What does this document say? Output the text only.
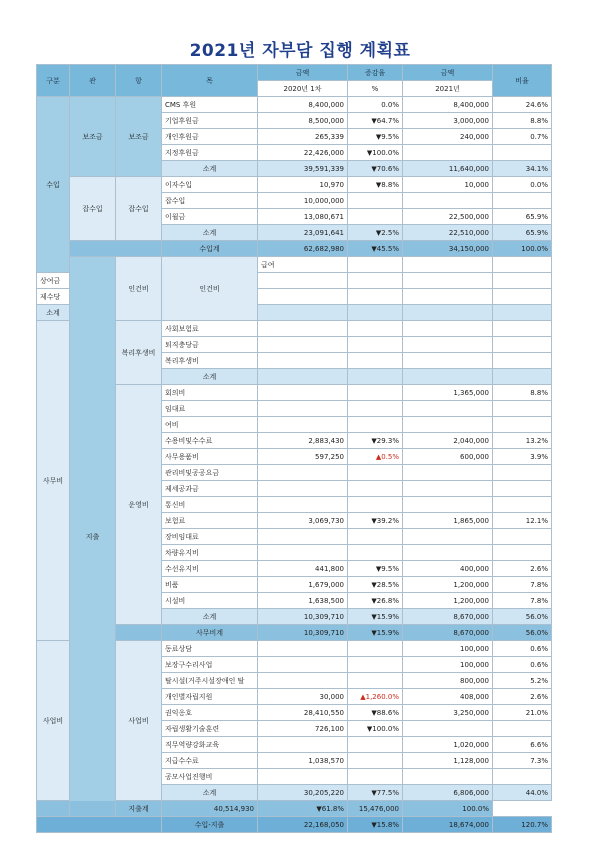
2021년 자부담 집행 계획표
구분	관	항	목	금액	증감율	금액	비율	
				2020년 1차	%	2021년		
수입	보조금	보조금	CMS 후원	8,400,000	0.0%	8,400,000	24.6%	
			기업후원금	8,500,000	▼64.7%	3,000,000	8.8%	
			개인후원금	265,339	▼9.5%	240,000	0.7%	
			지정후원금	22,426,000	▼100.0%			
			소계	39,591,339	▼70.6%	11,640,000	34.1%	
	잡수입	잡수입	이자수입	10,970	▼8.8%	10,000	0.0%	
			잡수입	10,000,000				
			이월금	13,080,671		22,500,000	65.9%	
			소계	23,091,641	▼2.5%	22,510,000	65.9%	
			수입계	62,682,980	▼45.5%	34,150,000	100.0%	
	지출	인건비	인건비	급여				
상여금								
제수당								
소계								
사무비		복리후생비	사회보험료					
			퇴직충당금					
			복리후생비					
			소계					
		운영비	회의비			1,365,000	8.8%	
			임대료					
			여비					
			수용비및수수료	2,883,430	▼29.3%	2,040,000	13.2%	
			사무용품비	597,250	▲0.5%	600,000	3.9%	
			관리비및공공요금					
			제세공과금					
			통신비					
			보험료	3,069,730	▼39.2%	1,865,000	12.1%	
			장비임대료					
			차량유지비					
			수선유지비	441,800	▼9.5%	400,000	2.6%	
			비품	1,679,000	▼28.5%	1,200,000	7.8%	
			시설비	1,638,500	▼26.8%	1,200,000	7.8%	
			소계	10,309,710	▼15.9%	8,670,000	56.0%	
			사무비계	10,309,710	▼15.9%	8,670,000	56.0%	
사업비		사업비	동료상담			100,000	0.6%	
			보장구수리사업			100,000	0.6%	
			탈시설(거주시설장애인 탈			800,000	5.2%	
			개인별자립지원	30,000	▲1,260.0%	408,000	2.6%	
			권익옹호	28,410,550	▼88.6%	3,250,000	21.0%	
			자립생활기술훈련	726,100	▼100.0%			
			직무역량강화교육			1,020,000	6.6%	
			지급수수료	1,038,570		1,128,000	7.3%	
			공모사업진행비					
			소계	30,205,220	▼77.5%	6,806,000	44.0%	
		지출계	40,514,930	▼61.8%	15,476,000	100.0%		
			수입-지출	22,168,050	▼15.8%	18,674,000	120.7%	
